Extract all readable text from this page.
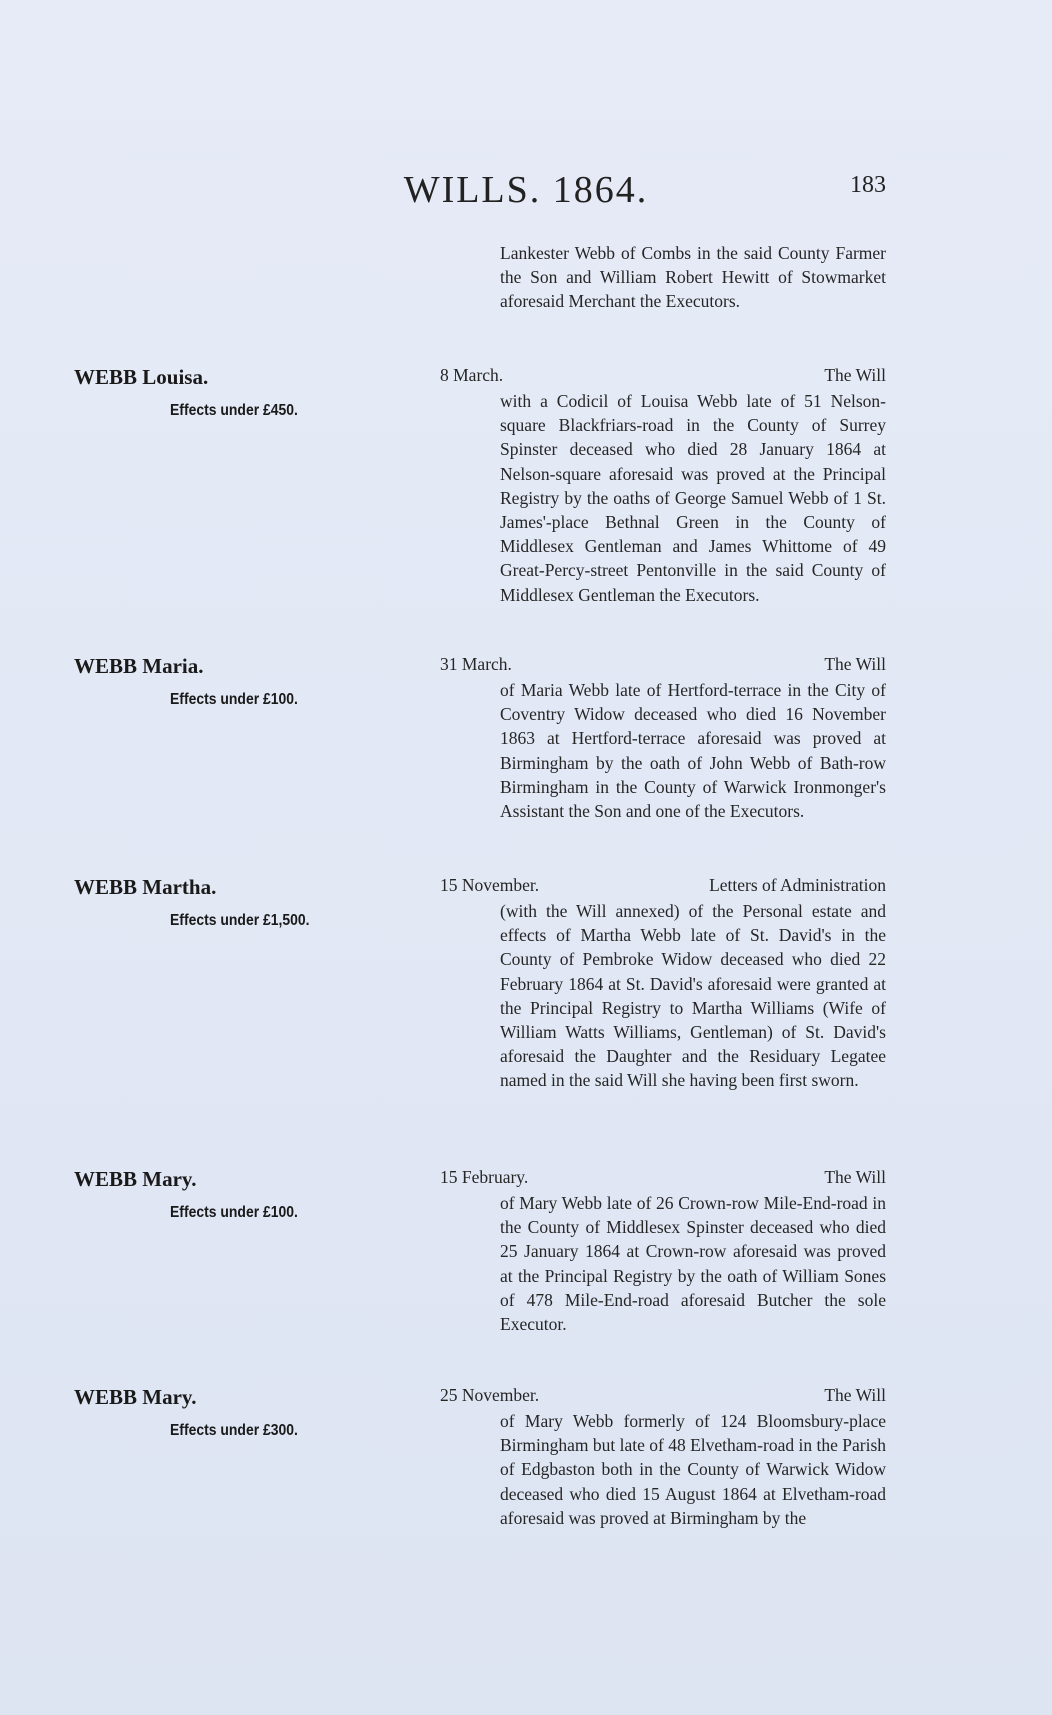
WILLS. 1864.	183
Lankester Webb of Combs in the said County Farmer the Son and William Robert Hewitt of Stowmarket aforesaid Merchant the Executors.
WEBB Louisa.
Effects under £450.
8 March.	The Will
with a Codicil of Louisa Webb late of 51 Nelson-square Blackfriars-road in the County of Surrey Spinster deceased who died 28 January 1864 at Nelson-square aforesaid was proved at the Principal Registry by the oaths of George Samuel Webb of 1 St. James'-place Bethnal Green in the County of Middlesex Gentleman and James Whittome of 49 Great-Percy-street Pentonville in the said County of Middlesex Gentleman the Executors.
WEBB Maria.
Effects under £100.
31 March.	The Will
of Maria Webb late of Hertford-terrace in the City of Coventry Widow deceased who died 16 November 1863 at Hertford-terrace aforesaid was proved at Birmingham by the oath of John Webb of Bath-row Birmingham in the County of Warwick Ironmonger's Assistant the Son and one of the Executors.
WEBB Martha.
Effects under £1,500.
15 November.	Letters of Administration
(with the Will annexed) of the Personal estate and effects of Martha Webb late of St. David's in the County of Pembroke Widow deceased who died 22 February 1864 at St. David's aforesaid were granted at the Principal Registry to Martha Williams (Wife of William Watts Williams, Gentleman) of St. David's aforesaid the Daughter and the Residuary Legatee named in the said Will she having been first sworn.
WEBB Mary.
Effects under £100.
15 February.	The Will
of Mary Webb late of 26 Crown-row Mile-End-road in the County of Middlesex Spinster deceased who died 25 January 1864 at Crown-row aforesaid was proved at the Principal Registry by the oath of William Sones of 478 Mile-End-road aforesaid Butcher the sole Executor.
WEBB Mary.
Effects under £300.
25 November.	The Will
of Mary Webb formerly of 124 Bloomsbury-place Birmingham but late of 48 Elvetham-road in the Parish of Edgbaston both in the County of Warwick Widow deceased who died 15 August 1864 at Elvetham-road aforesaid was proved at Birmingham by the
